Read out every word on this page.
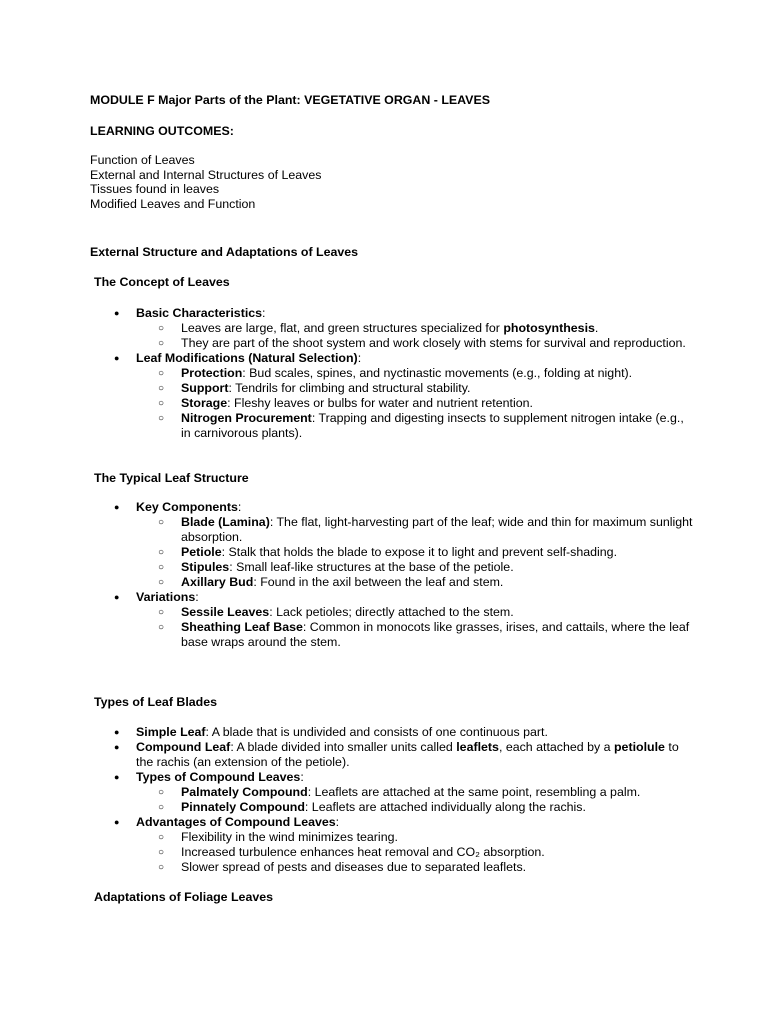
MODULE F Major Parts of the Plant: VEGETATIVE ORGAN - LEAVES
LEARNING OUTCOMES:
Function of Leaves
External and Internal Structures of Leaves
Tissues found in leaves
Modified Leaves and Function
External Structure and Adaptations of Leaves
The Concept of Leaves
● Basic Characteristics:
○ Leaves are large, flat, and green structures specialized for photosynthesis.
○ They are part of the shoot system and work closely with stems for survival and reproduction.
● Leaf Modifications (Natural Selection):
○ Protection: Bud scales, spines, and nyctinastic movements (e.g., folding at night).
○ Support: Tendrils for climbing and structural stability.
○ Storage: Fleshy leaves or bulbs for water and nutrient retention.
○ Nitrogen Procurement: Trapping and digesting insects to supplement nitrogen intake (e.g., in carnivorous plants).
The Typical Leaf Structure
● Key Components:
○ Blade (Lamina): The flat, light-harvesting part of the leaf; wide and thin for maximum sunlight absorption.
○ Petiole: Stalk that holds the blade to expose it to light and prevent self-shading.
○ Stipules: Small leaf-like structures at the base of the petiole.
○ Axillary Bud: Found in the axil between the leaf and stem.
● Variations:
○ Sessile Leaves: Lack petioles; directly attached to the stem.
○ Sheathing Leaf Base: Common in monocots like grasses, irises, and cattails, where the leaf base wraps around the stem.
Types of Leaf Blades
● Simple Leaf: A blade that is undivided and consists of one continuous part.
● Compound Leaf: A blade divided into smaller units called leaflets, each attached by a petiolule to the rachis (an extension of the petiole).
● Types of Compound Leaves:
○ Palmately Compound: Leaflets are attached at the same point, resembling a palm.
○ Pinnately Compound: Leaflets are attached individually along the rachis.
● Advantages of Compound Leaves:
○ Flexibility in the wind minimizes tearing.
○ Increased turbulence enhances heat removal and CO₂ absorption.
○ Slower spread of pests and diseases due to separated leaflets.
Adaptations of Foliage Leaves
